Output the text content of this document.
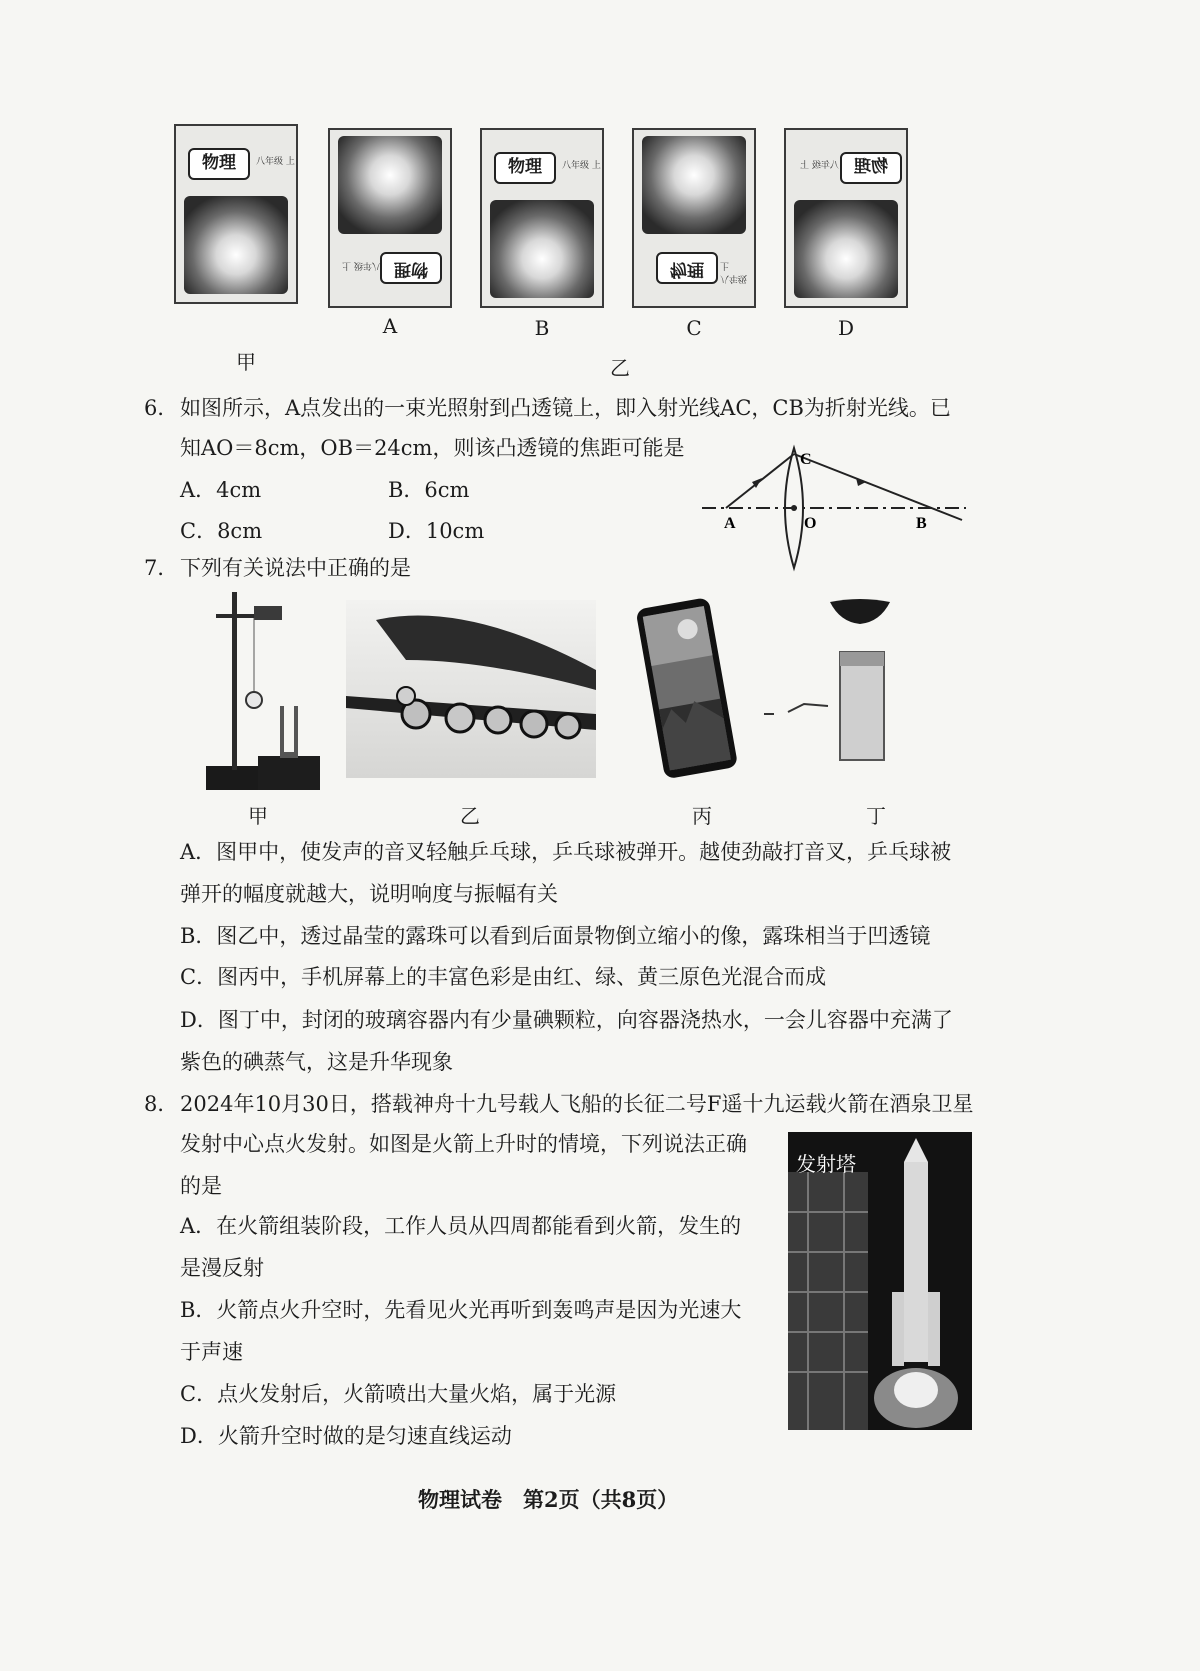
物理	八年级 上
物理
八年级 上
物理	八年级 上
物理	八年级 上
物理
八年级 上
A	B	C	D
甲	乙
6． 如图所示，A点发出的一束光照射到凸透镜上，即入射光线AC，CB为折射光线。已
知AO＝8cm，OB＝24cm，则该凸透镜的焦距可能是
A．4cm	B．6cm
C．8cm	D．10cm	A	O	B
C
7． 下列有关说法中正确的是
甲	乙	丙	丁
A．图甲中，使发声的音叉轻触乒乓球，乒乓球被弹开。越使劲敲打音叉，乒乓球被
弹开的幅度就越大，说明响度与振幅有关
B．图乙中，透过晶莹的露珠可以看到后面景物倒立缩小的像，露珠相当于凹透镜
C．图丙中，手机屏幕上的丰富色彩是由红、绿、黄三原色光混合而成
D．图丁中，封闭的玻璃容器内有少量碘颗粒，向容器浇热水，一会儿容器中充满了
紫色的碘蒸气，这是升华现象
8． 2024年10月30日，搭载神舟十九号载人飞船的长征二号F遥十九运载火箭在酒泉卫星
发射中心点火发射。如图是火箭上升时的情境，下列说法正确
的是
A．在火箭组装阶段，工作人员从四周都能看到火箭，发生的
是漫反射
B．火箭点火升空时，先看见火光再听到轰鸣声是因为光速大
于声速
C．点火发射后，火箭喷出大量火焰，属于光源
D．火箭升空时做的是匀速直线运动
发射塔
物理试卷　第2页（共8页）
